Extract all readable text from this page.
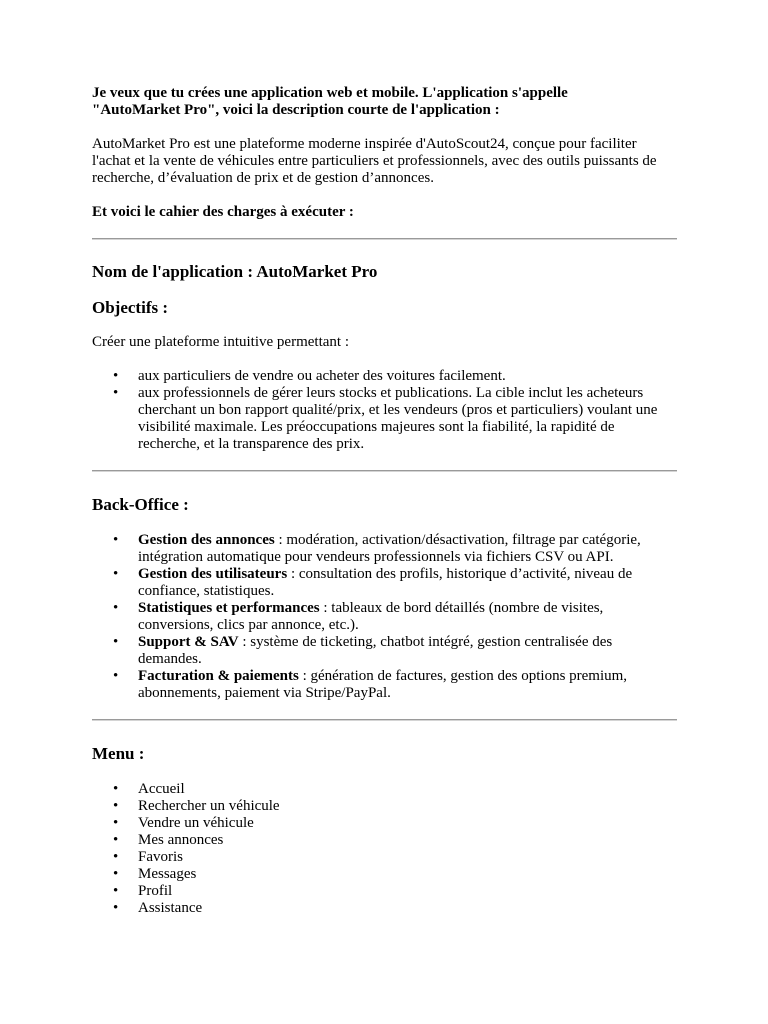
Je veux que tu crées une application web et mobile. L'application s'appelle
"AutoMarket Pro", voici la description courte de l'application :

AutoMarket Pro est une plateforme moderne inspirée d'AutoScout24, conçue pour faciliter l'achat et la vente de véhicules entre particuliers et professionnels, avec des outils puissants de recherche, d’évaluation de prix et de gestion d’annonces.

Et voici le cahier des charges à exécuter :

Nom de l'application : AutoMarket Pro
Objectifs :

Créer une plateforme intuitive permettant :

• aux particuliers de vendre ou acheter des voitures facilement.
• aux professionnels de gérer leurs stocks et publications. La cible inclut les acheteurs cherchant un bon rapport qualité/prix, et les vendeurs (pros et particuliers) voulant une visibilité maximale. Les préoccupations majeures sont la fiabilité, la rapidité de recherche, et la transparence des prix.
Back-Office :
• Gestion des annonces : modération, activation/désactivation, filtrage par catégorie, intégration automatique pour vendeurs professionnels via fichiers CSV ou API.
• Gestion des utilisateurs : consultation des profils, historique d’activité, niveau de confiance, statistiques.
• Statistiques et performances : tableaux de bord détaillés (nombre de visites, conversions, clics par annonce, etc.).
• Support & SAV : système de ticketing, chatbot intégré, gestion centralisée des demandes.
• Facturation & paiements : génération de factures, gestion des options premium, abonnements, paiement via Stripe/PayPal.
Menu :
• Accueil
• Rechercher un véhicule
• Vendre un véhicule
• Mes annonces
• Favoris
• Messages
• Profil
• Assistance
